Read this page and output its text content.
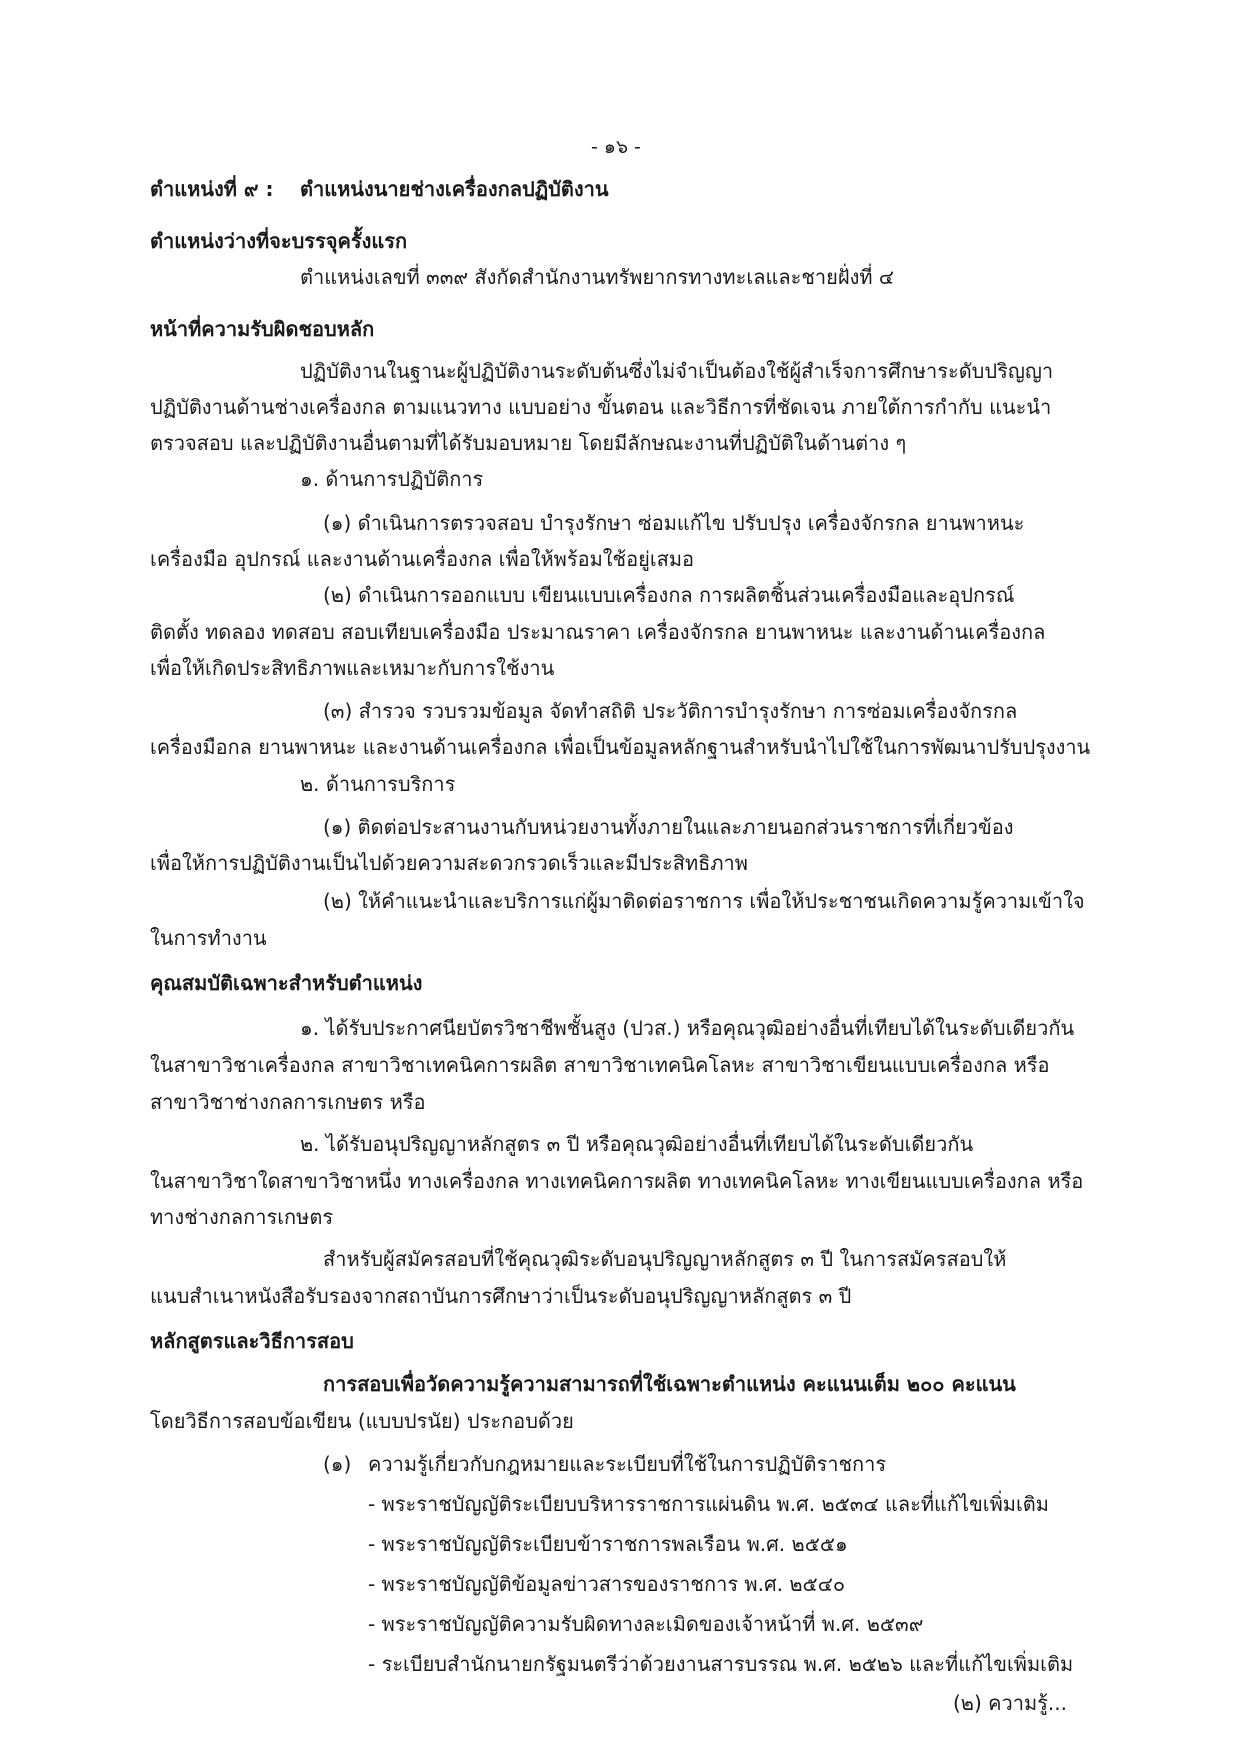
- ๑๖ -
ตำแหน่งที่ ๙ : ตำแหน่งนายช่างเครื่องกลปฏิบัติงาน
ตำแหน่งว่างที่จะบรรจุครั้งแรก
ตำแหน่งเลขที่ ๓๓๙ สังกัดสำนักงานทรัพยากรทางทะเลและชายฝั่งที่ ๔
หน้าที่ความรับผิดชอบหลัก
ปฏิบัติงานในฐานะผู้ปฏิบัติงานระดับต้นซึ่งไม่จำเป็นต้องใช้ผู้สำเร็จการศึกษาระดับปริญญา
ปฏิบัติงานด้านช่างเครื่องกล ตามแนวทาง แบบอย่าง ขั้นตอน และวิธีการที่ชัดเจน ภายใต้การกำกับ แนะนำ
ตรวจสอบ และปฏิบัติงานอื่นตามที่ได้รับมอบหมาย โดยมีลักษณะงานที่ปฏิบัติในด้านต่าง ๆ
๑. ด้านการปฏิบัติการ
(๑) ดำเนินการตรวจสอบ บำรุงรักษา ซ่อมแก้ไข ปรับปรุง เครื่องจักรกล ยานพาหนะ
เครื่องมือ อุปกรณ์ และงานด้านเครื่องกล เพื่อให้พร้อมใช้อยู่เสมอ
(๒) ดำเนินการออกแบบ เขียนแบบเครื่องกล การผลิตชิ้นส่วนเครื่องมือและอุปกรณ์
ติดตั้ง ทดลอง ทดสอบ สอบเทียบเครื่องมือ ประมาณราคา เครื่องจักรกล ยานพาหนะ และงานด้านเครื่องกล
เพื่อให้เกิดประสิทธิภาพและเหมาะกับการใช้งาน
(๓) สำรวจ รวบรวมข้อมูล จัดทำสถิติ ประวัติการบำรุงรักษา การซ่อมเครื่องจักรกล
เครื่องมือกล ยานพาหนะ และงานด้านเครื่องกล เพื่อเป็นข้อมูลหลักฐานสำหรับนำไปใช้ในการพัฒนาปรับปรุงงาน
๒. ด้านการบริการ
(๑) ติดต่อประสานงานกับหน่วยงานทั้งภายในและภายนอกส่วนราชการที่เกี่ยวข้อง
เพื่อให้การปฏิบัติงานเป็นไปด้วยความสะดวกรวดเร็วและมีประสิทธิภาพ
(๒) ให้คำแนะนำและบริการแก่ผู้มาติดต่อราชการ เพื่อให้ประชาชนเกิดความรู้ความเข้าใจ
ในการทำงาน
คุณสมบัติเฉพาะสำหรับตำแหน่ง
๑. ได้รับประกาศนียบัตรวิชาชีพชั้นสูง (ปวส.) หรือคุณวุฒิอย่างอื่นที่เทียบได้ในระดับเดียวกัน
ในสาขาวิชาเครื่องกล สาขาวิชาเทคนิคการผลิต สาขาวิชาเทคนิคโลหะ สาขาวิชาเขียนแบบเครื่องกล หรือ
สาขาวิชาช่างกลการเกษตร หรือ
๒. ได้รับอนุปริญญาหลักสูตร ๓ ปี หรือคุณวุฒิอย่างอื่นที่เทียบได้ในระดับเดียวกัน
ในสาขาวิชาใดสาขาวิชาหนึ่ง ทางเครื่องกล ทางเทคนิคการผลิต ทางเทคนิคโลหะ ทางเขียนแบบเครื่องกล หรือ
ทางช่างกลการเกษตร
สำหรับผู้สมัครสอบที่ใช้คุณวุฒิระดับอนุปริญญาหลักสูตร ๓ ปี ในการสมัครสอบให้
แนบสำเนาหนังสือรับรองจากสถาบันการศึกษาว่าเป็นระดับอนุปริญญาหลักสูตร ๓ ปี
หลักสูตรและวิธีการสอบ
การสอบเพื่อวัดความรู้ความสามารถที่ใช้เฉพาะตำแหน่ง คะแนนเต็ม ๒๐๐ คะแนน
โดยวิธีการสอบข้อเขียน (แบบปรนัย) ประกอบด้วย
(๑) ความรู้เกี่ยวกับกฎหมายและระเบียบที่ใช้ในการปฏิบัติราชการ
- พระราชบัญญัติระเบียบบริหารราชการแผ่นดิน พ.ศ. ๒๕๓๔ และที่แก้ไขเพิ่มเติม
- พระราชบัญญัติระเบียบข้าราชการพลเรือน พ.ศ. ๒๕๕๑
- พระราชบัญญัติข้อมูลข่าวสารของราชการ พ.ศ. ๒๕๔๐
- พระราชบัญญัติความรับผิดทางละเมิดของเจ้าหน้าที่ พ.ศ. ๒๕๓๙
- ระเบียบสำนักนายกรัฐมนตรีว่าด้วยงานสารบรรณ พ.ศ. ๒๕๒๖ และที่แก้ไขเพิ่มเติม
(๒) ความรู้...
